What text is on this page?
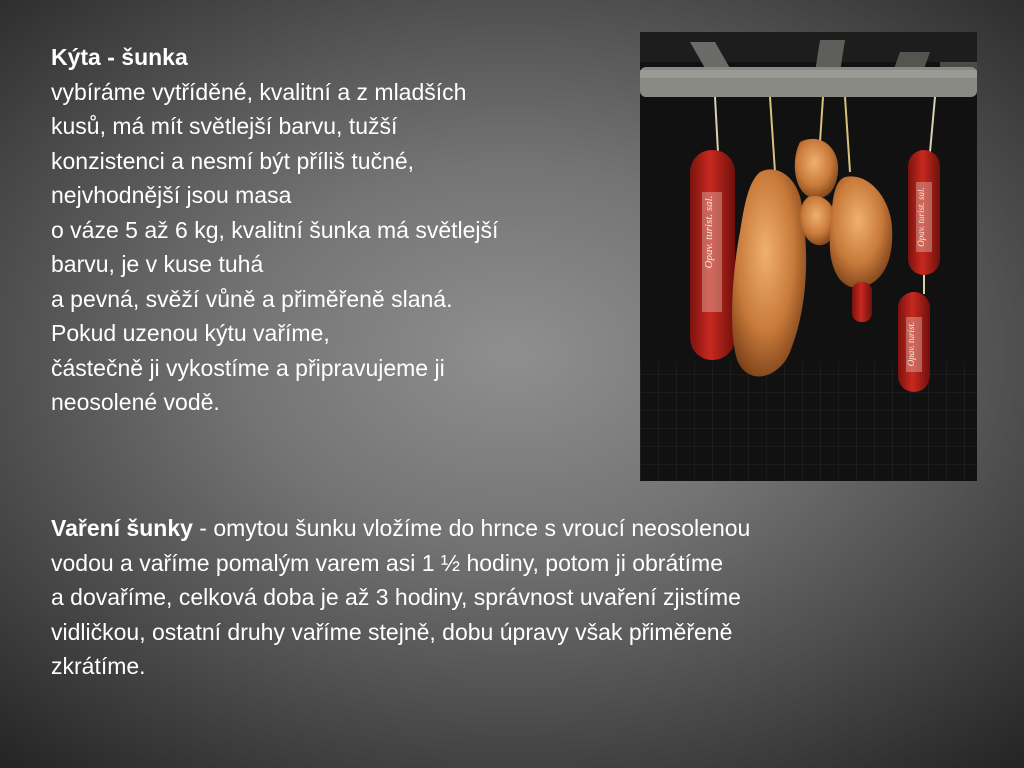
Kýta - šunka
vybíráme vytříděné, kvalitní a z mladších
kusů, má mít světlejší barvu, tužší
konzistenci a nesmí být příliš tučné,
nejvhodnější jsou masa
o váze 5 až 6 kg, kvalitní šunka má světlejší
barvu, je v kuse tuhá
a pevná, svěží vůně a přiměřeně slaná.
Pokud uzenou kýtu vaříme,
částečně ji vykostíme a připravujeme ji
neosolené vodě.
Opav. turist. sal.	Opav. turist. sal.
Opav. turist.
Vaření šunky - omytou šunku vložíme do hrnce s vroucí neosolenou
vodou a vaříme pomalým varem asi 1 ½ hodiny, potom ji obrátíme
a dovaříme, celková doba je až 3 hodiny, správnost uvaření zjistíme
vidličkou, ostatní druhy vaříme stejně, dobu úpravy však přiměřeně
zkrátíme.
